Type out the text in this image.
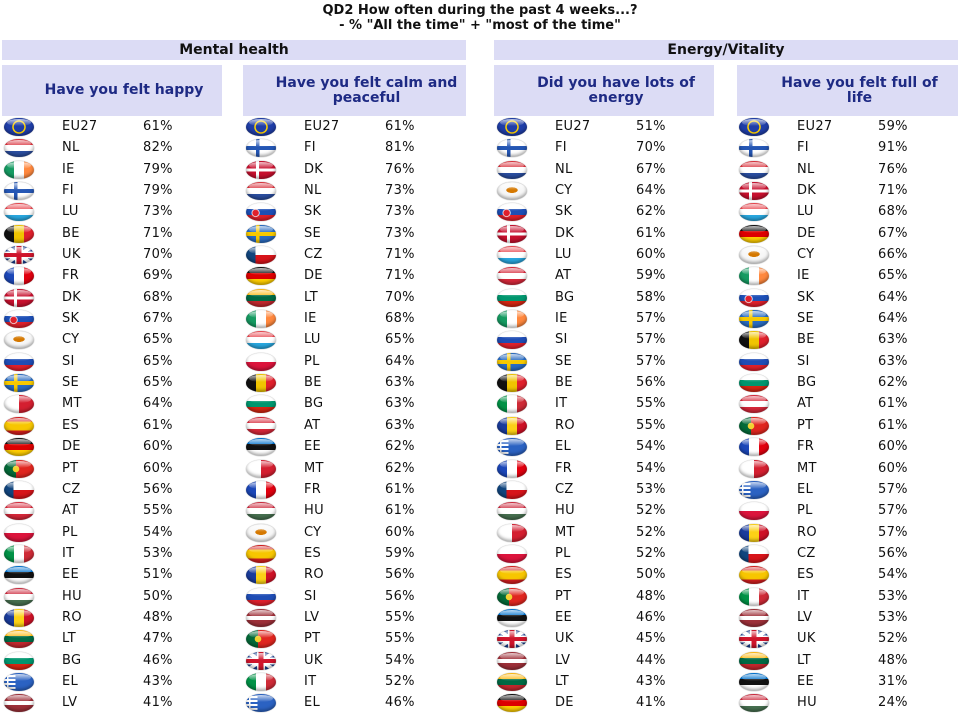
QD2 How often during the past 4 weeks...?
- % "All the time" + "most of the time"
Mental health	Energy/Vitality
Have you felt happy	Have you felt calm and peaceful
Did you have lots of energy
Have you felt full of life
EU27	61%
NL	82%
IE	79%
FI	79%
LU	73%
BE	71%
UK	70%
FR	69%
DK	68%
SK	67%
CY	65%
SI	65%
SE	65%
MT	64%
ES	61%
DE	60%
PT	60%
CZ	56%
AT	55%
PL	54%
IT	53%
EE	51%
HU	50%
RO	48%
LT	47%
BG	46%
EL	43%
LV	41%
EU27	61%
FI	81%
DK	76%
NL	73%
SK	73%
SE	73%
CZ	71%
DE	71%
LT	70%
IE	68%
LU	65%
PL	64%
BE	63%
BG	63%
AT	63%
EE	62%
MT	62%
FR	61%
HU	61%
CY	60%
ES	59%
RO	56%
SI	56%
LV	55%
PT	55%
UK	54%
IT	52%
EL	46%
EU27	51%
FI	70%
NL	67%
CY	64%
SK	62%
DK	61%
LU	60%
AT	59%
BG	58%
IE	57%
SI	57%
SE	57%
BE	56%
IT	55%
RO	55%
EL	54%
FR	54%
CZ	53%
HU	52%
MT	52%
PL	52%
ES	50%
PT	48%
EE	46%
UK	45%
LV	44%
LT	43%
DE	41%
EU27	59%
FI	91%
NL	76%
DK	71%
LU	68%
DE	67%
CY	66%
IE	65%
SK	64%
SE	64%
BE	63%
SI	63%
BG	62%
AT	61%
PT	61%
FR	60%
MT	60%
EL	57%
PL	57%
RO	57%
CZ	56%
ES	54%
IT	53%
LV	53%
UK	52%
LT	48%
EE	31%
HU	24%
